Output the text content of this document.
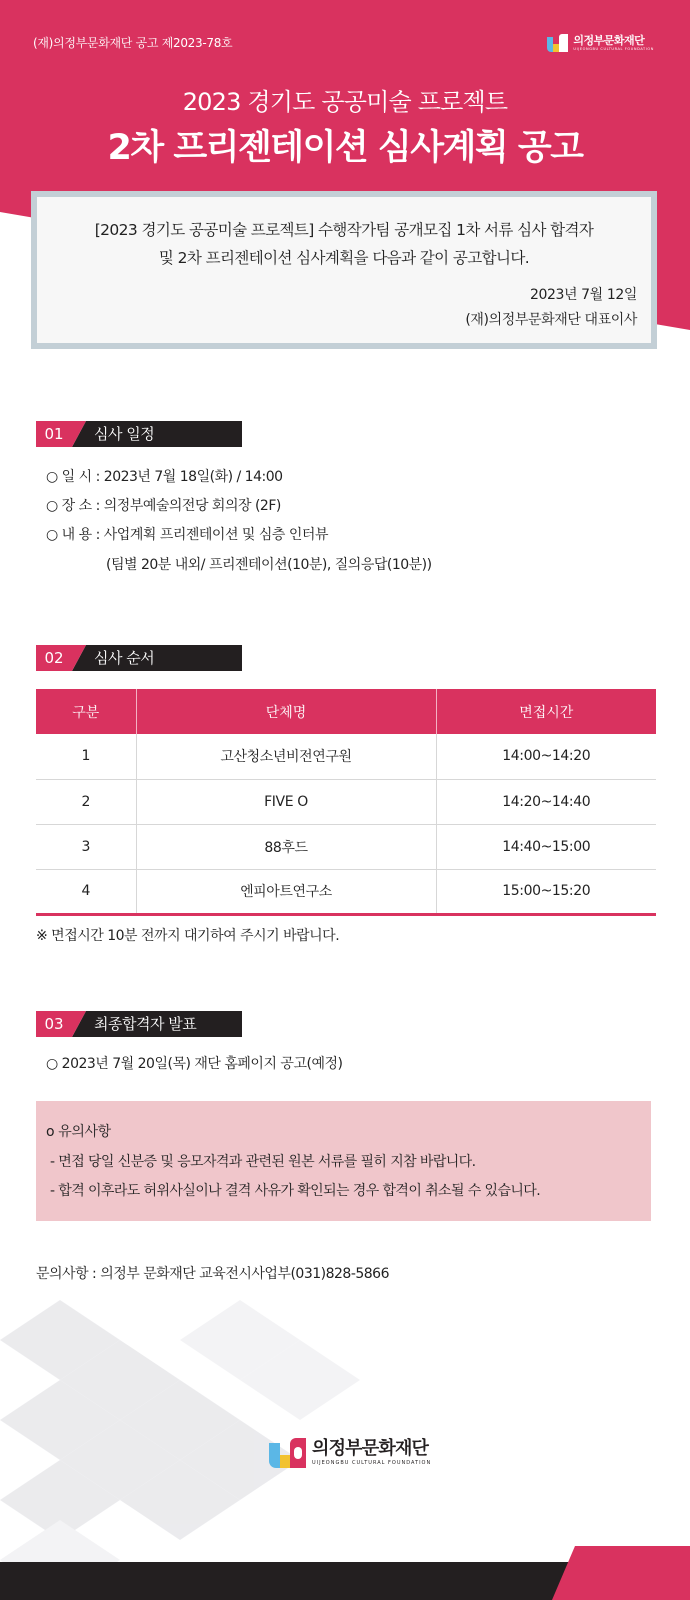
(재)의정부문화재단 공고 제2023-78호	의정부문화재단
UIJEONGBU CULTURAL FOUNDATION
2023 경기도 공공미술 프로젝트
2차 프리젠테이션 심사계획 공고
[2023 경기도 공공미술 프로젝트] 수행작가팀 공개모집 1차 서류 심사 합격자
및 2차 프리젠테이션 심사계획을 다음과 같이 공고합니다.
2023년 7월 12일
(재)의정부문화재단 대표이사
01	심사 일정
○ 일 시 : 2023년 7월 18일(화) / 14:00
○ 장 소 : 의정부예술의전당 회의장 (2F)
○ 내 용 : 사업계획 프리젠테이션 및 심층 인터뷰
(팀별 20분 내외/ 프리젠테이션(10분), 질의응답(10분))
02	심사 순서
구분	단체명	면접시간
1	고산청소년비전연구원	14:00~14:20
2	FIVE O	14:20~14:40
3	88후드	14:40~15:00
4	엔피아트연구소	15:00~15:20
※ 면접시간 10분 전까지 대기하여 주시기 바랍니다.
03	최종합격자 발표
○ 2023년 7월 20일(목) 재단 홈페이지 공고(예정)
o 유의사항
- 면접 당일 신분증 및 응모자격과 관련된 원본 서류를 필히 지참 바랍니다.
- 합격 이후라도 허위사실이나 결격 사유가 확인되는 경우 합격이 취소될 수 있습니다.
문의사항 : 의정부 문화재단 교육전시사업부(031)828-5866
의정부문화재단
UIJEONGBU CULTURAL FOUNDATION
